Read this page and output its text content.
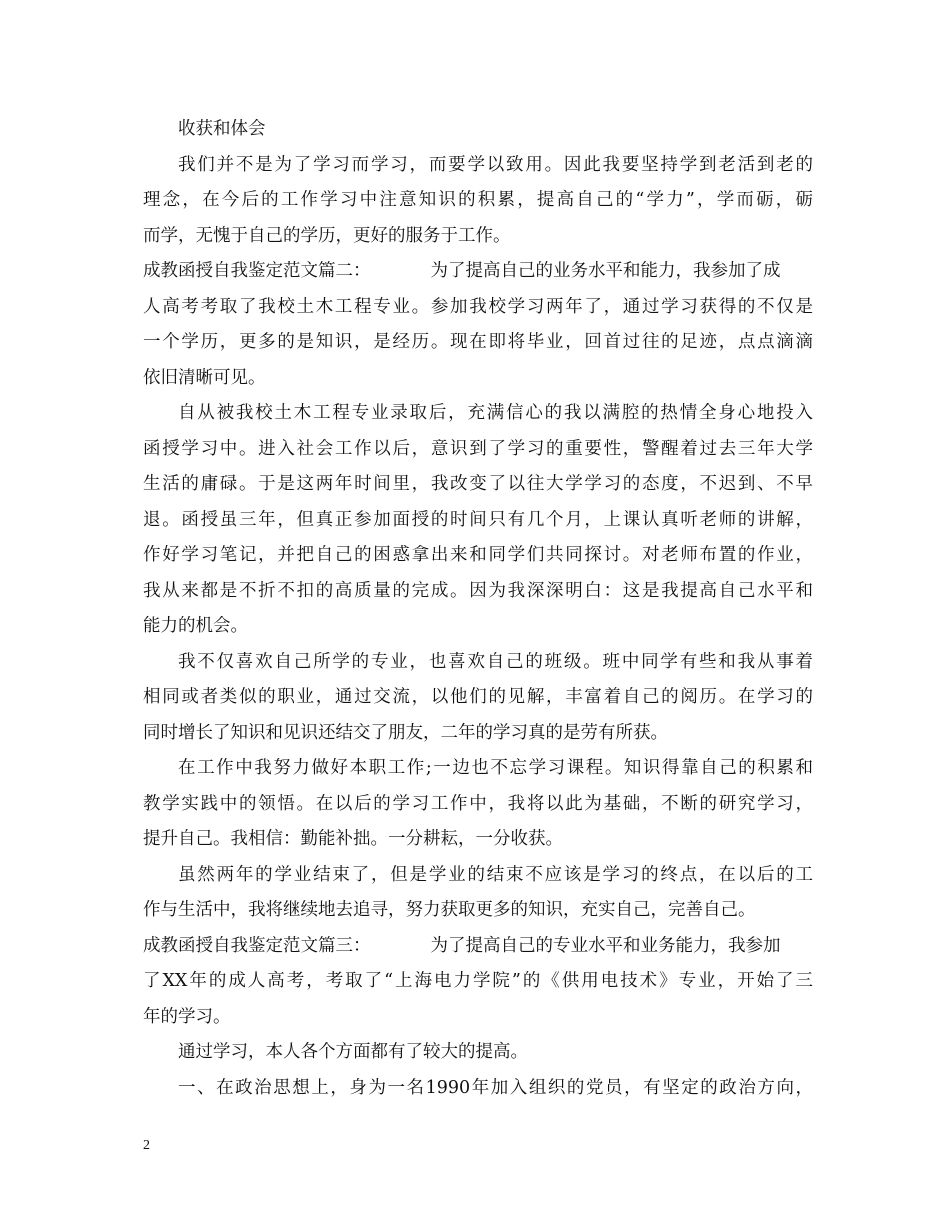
收获和体会
我们并不是为了学习而学习，而要学以致用。因此我要坚持学到老活到老的
理念，在今后的工作学习中注意知识的积累，提高自己的“学力”，学而砺，砺
而学，无愧于自己的学历，更好的服务于工作。
成教函授自我鉴定范文篇二：	为了提高自己的业务水平和能力，我参加了成
人高考考取了我校土木工程专业。参加我校学习两年了，通过学习获得的不仅是
一个学历，更多的是知识，是经历。现在即将毕业，回首过往的足迹，点点滴滴
依旧清晰可见。
自从被我校土木工程专业录取后，充满信心的我以满腔的热情全身心地投入
函授学习中。进入社会工作以后，意识到了学习的重要性，警醒着过去三年大学
生活的庸碌。于是这两年时间里，我改变了以往大学学习的态度，不迟到、不早
退。函授虽三年，但真正参加面授的时间只有几个月，上课认真听老师的讲解，
作好学习笔记，并把自己的困惑拿出来和同学们共同探讨。对老师布置的作业，
我从来都是不折不扣的高质量的完成。因为我深深明白：这是我提高自己水平和
能力的机会。
我不仅喜欢自己所学的专业，也喜欢自己的班级。班中同学有些和我从事着
相同或者类似的职业，通过交流，以他们的见解，丰富着自己的阅历。在学习的
同时增长了知识和见识还结交了朋友，二年的学习真的是劳有所获。
在工作中我努力做好本职工作;一边也不忘学习课程。知识得靠自己的积累和
教学实践中的领悟。在以后的学习工作中，我将以此为基础，不断的研究学习，
提升自己。我相信：勤能补拙。一分耕耘，一分收获。
虽然两年的学业结束了，但是学业的结束不应该是学习的终点，在以后的工
作与生活中，我将继续地去追寻，努力获取更多的知识，充实自己，完善自己。
成教函授自我鉴定范文篇三：	为了提高自己的专业水平和业务能力，我参加
了XX年的成人高考，考取了“上海电力学院”的《供用电技术》专业，开始了三
年的学习。
通过学习，本人各个方面都有了较大的提高。
一、在政治思想上，身为一名1990年加入组织的党员，有坚定的政治方向，
2
